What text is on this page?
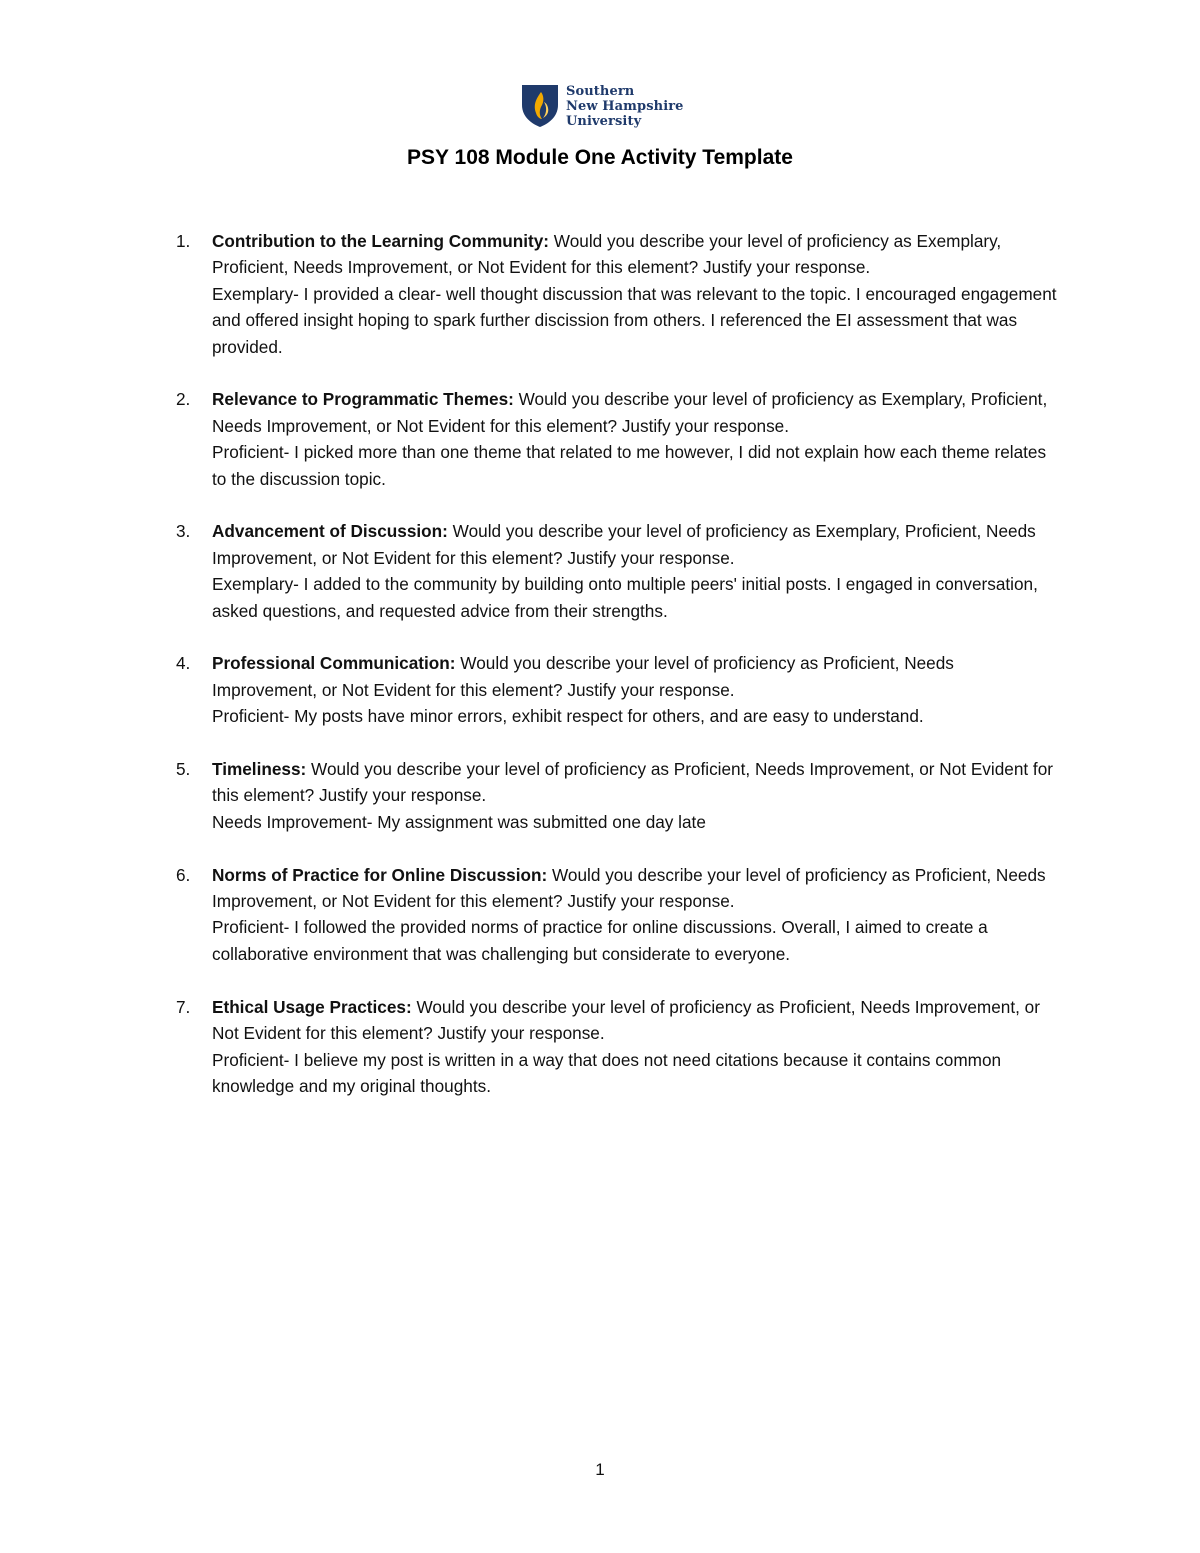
Southern
New Hampshire
University
PSY 108 Module One Activity Template
1.	Contribution to the Learning Community: Would you describe your level of proficiency as Exemplary, Proficient, Needs Improvement, or Not Evident for this element? Justify your response.
Exemplary- I provided a clear- well thought discussion that was relevant to the topic. I encouraged engagement and offered insight hoping to spark further discission from others. I referenced the EI assessment that was provided.
2.	Relevance to Programmatic Themes: Would you describe your level of proficiency as Exemplary, Proficient, Needs Improvement, or Not Evident for this element? Justify your response.
Proficient- I picked more than one theme that related to me however, I did not explain how each theme relates to the discussion topic.
3.	Advancement of Discussion: Would you describe your level of proficiency as Exemplary, Proficient, Needs Improvement, or Not Evident for this element? Justify your response.
Exemplary- I added to the community by building onto multiple peers' initial posts. I engaged in conversation, asked questions, and requested advice from their strengths.
4.	Professional Communication: Would you describe your level of proficiency as Proficient, Needs Improvement, or Not Evident for this element? Justify your response.
Proficient- My posts have minor errors, exhibit respect for others, and are easy to understand.
5.	Timeliness: Would you describe your level of proficiency as Proficient, Needs Improvement, or Not Evident for this element? Justify your response.
Needs Improvement- My assignment was submitted one day late
6.	Norms of Practice for Online Discussion: Would you describe your level of proficiency as Proficient, Needs Improvement, or Not Evident for this element? Justify your response.
Proficient- I followed the provided norms of practice for online discussions. Overall, I aimed to create a collaborative environment that was challenging but considerate to everyone.
7.	Ethical Usage Practices: Would you describe your level of proficiency as Proficient, Needs Improvement, or Not Evident for this element? Justify your response.
Proficient- I believe my post is written in a way that does not need citations because it contains common knowledge and my original thoughts.
1
